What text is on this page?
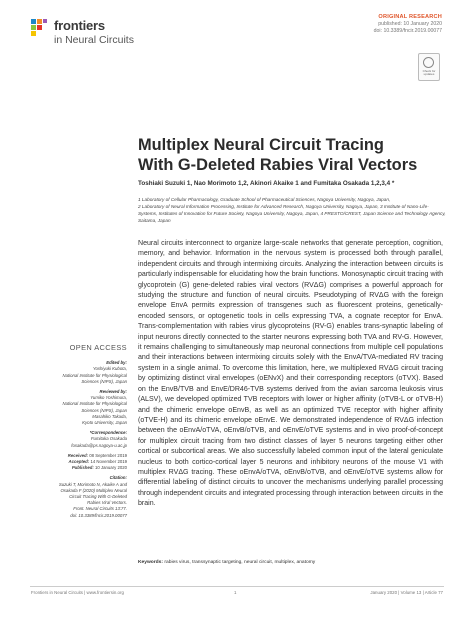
frontiers
in Neural Circuits
ORIGINAL RESEARCH
published: 10 January 2020
doi: 10.3389/fncir.2019.00077
Check for updates
Multiplex Neural Circuit Tracing
With G-Deleted Rabies Viral Vectors
Toshiaki Suzuki 1, Nao Morimoto 1,2, Akinori Akaike 1 and Fumitaka Osakada 1,2,3,4 *
1 Laboratory of Cellular Pharmacology, Graduate School of Pharmaceutical Sciences, Nagoya University, Nagoya, Japan,
2 Laboratory of Neural Information Processing, Institute for Advanced Research, Nagoya University, Nagoya, Japan, 3 Institute of Nano-Life-Systems, Institutes of Innovation for Future Society, Nagoya University, Nagoya, Japan, 4 PRESTO/CREST, Japan Science and Technology Agency, Saitama, Japan
Neural circuits interconnect to organize large-scale networks that generate perception, cognition, memory, and behavior. Information in the nervous system is processed both through parallel, independent circuits and through intermixing circuits. Analyzing the interaction between circuits is particularly indispensable for elucidating how the brain functions. Monosynaptic circuit tracing with glycoprotein (G) gene-deleted rabies viral vectors (RVΔG) comprises a powerful approach for studying the structure and function of neural circuits. Pseudotyping of RVΔG with the foreign envelope EnvA permits expression of transgenes such as fluorescent proteins, genetically-encoded sensors, or optogenetic tools in cells expressing TVA, a cognate receptor for EnvA. Trans-complementation with rabies virus glycoproteins (RV-G) enables trans-synaptic labeling of input neurons directly connected to the starter neurons expressing both TVA and RV-G. However, it remains challenging to simultaneously map neuronal connections from multiple cell populations and their interactions between intermixing circuits solely with the EnvA/TVA-mediated RV tracing system in a single animal. To overcome this limitation, here, we multiplexed RVΔG circuit tracing by optimizing distinct viral envelopes (oENvX) and their corresponding receptors (oTVX). Based on the EnvB/TVB and EnvE/DR46-TVB systems derived from the avian sarcoma leukosis virus (ALSV), we developed optimized TVB receptors with lower or higher affinity (oTVB-L or oTVB-H) and the chimeric envelope oEnvB, as well as an optimized TVE receptor with higher affinity (oTVE-H) and its chimeric envelope oEnvE. We demonstrated independence of RVΔG infection between the oEnvA/oTVA, oEnvB/oTVB, and oEnvE/oTVE systems and in vivo proof-of-concept for multiplex circuit tracing from two distinct classes of layer 5 neurons targeting either other cortical or subcortical areas. We also successfully labeled common input of the lateral geniculate nucleus to both cortico-cortical layer 5 neurons and inhibitory neurons of the mouse V1 with multiplex RVΔG tracing. These oEnvA/oTVA, oEnvB/oTVB, and oEnvE/oTVE systems allow for differential labeling of distinct circuits to uncover the mechanisms underlying parallel processing through independent circuits and integrated processing through interaction between circuits in the brain.
Keywords: rabies virus, transsynaptic targeting, neural circuit, multiplex, anatomy
OPEN ACCESS
Edited by:
Yoshiyuki Kubota,
National Institute for Physiological
Sciences (NIPS), Japan
Reviewed by:
Yumiko Yoshimura,
National Institute for Physiological
Sciences (NIPS), Japan
Masahiko Takada,
Kyoto University, Japan
*Correspondence:
Fumitaka Osakada
fosakada@ps.nagoya-u.ac.jp
Received: 08 September 2019
Accepted: 14 November 2019
Published: 10 January 2020
Citation:
Suzuki T, Morimoto N, Akaike A and
Osakada F (2020) Multiplex Neural
Circuit Tracing With G-Deleted
Rabies Viral Vectors.
Front. Neural Circuits 13:77.
doi: 10.3389/fncir.2019.00077
Frontiers in Neural Circuits | www.frontiersin.org	1	January 2020 | Volume 13 | Article 77
